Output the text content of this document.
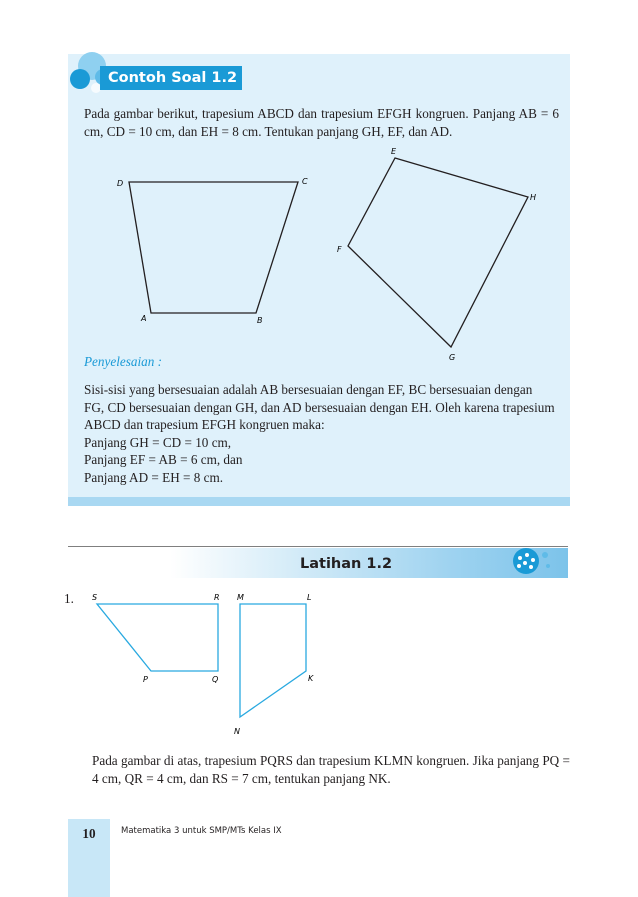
Contoh Soal 1.2
Pada gambar berikut, trapesium ABCD dan trapesium EFGH kongruen. Panjang AB = 6 cm, CD = 10 cm, dan EH = 8 cm. Tentukan panjang GH, EF, dan AD.
D	C
A	B
E
H
F
G
Penyelesaian :
Sisi-sisi yang bersesuaian adalah AB bersesuaian dengan EF, BC bersesuaian dengan
FG, CD bersesuaian dengan GH, dan AD bersesuaian dengan EH. Oleh karena trapesium
ABCD dan trapesium EFGH kongruen maka:
Panjang GH = CD = 10 cm,
Panjang EF = AB = 6 cm, dan
Panjang AD = EH = 8 cm.
Latihan 1.2
1. S	R
P	Q
M	L
K
N
Pada gambar di atas, trapesium PQRS dan trapesium KLMN kongruen. Jika panjang PQ = 4 cm, QR = 4 cm, dan RS = 7 cm, tentukan panjang NK.
10	Matematika 3 untuk SMP/MTs Kelas IX
